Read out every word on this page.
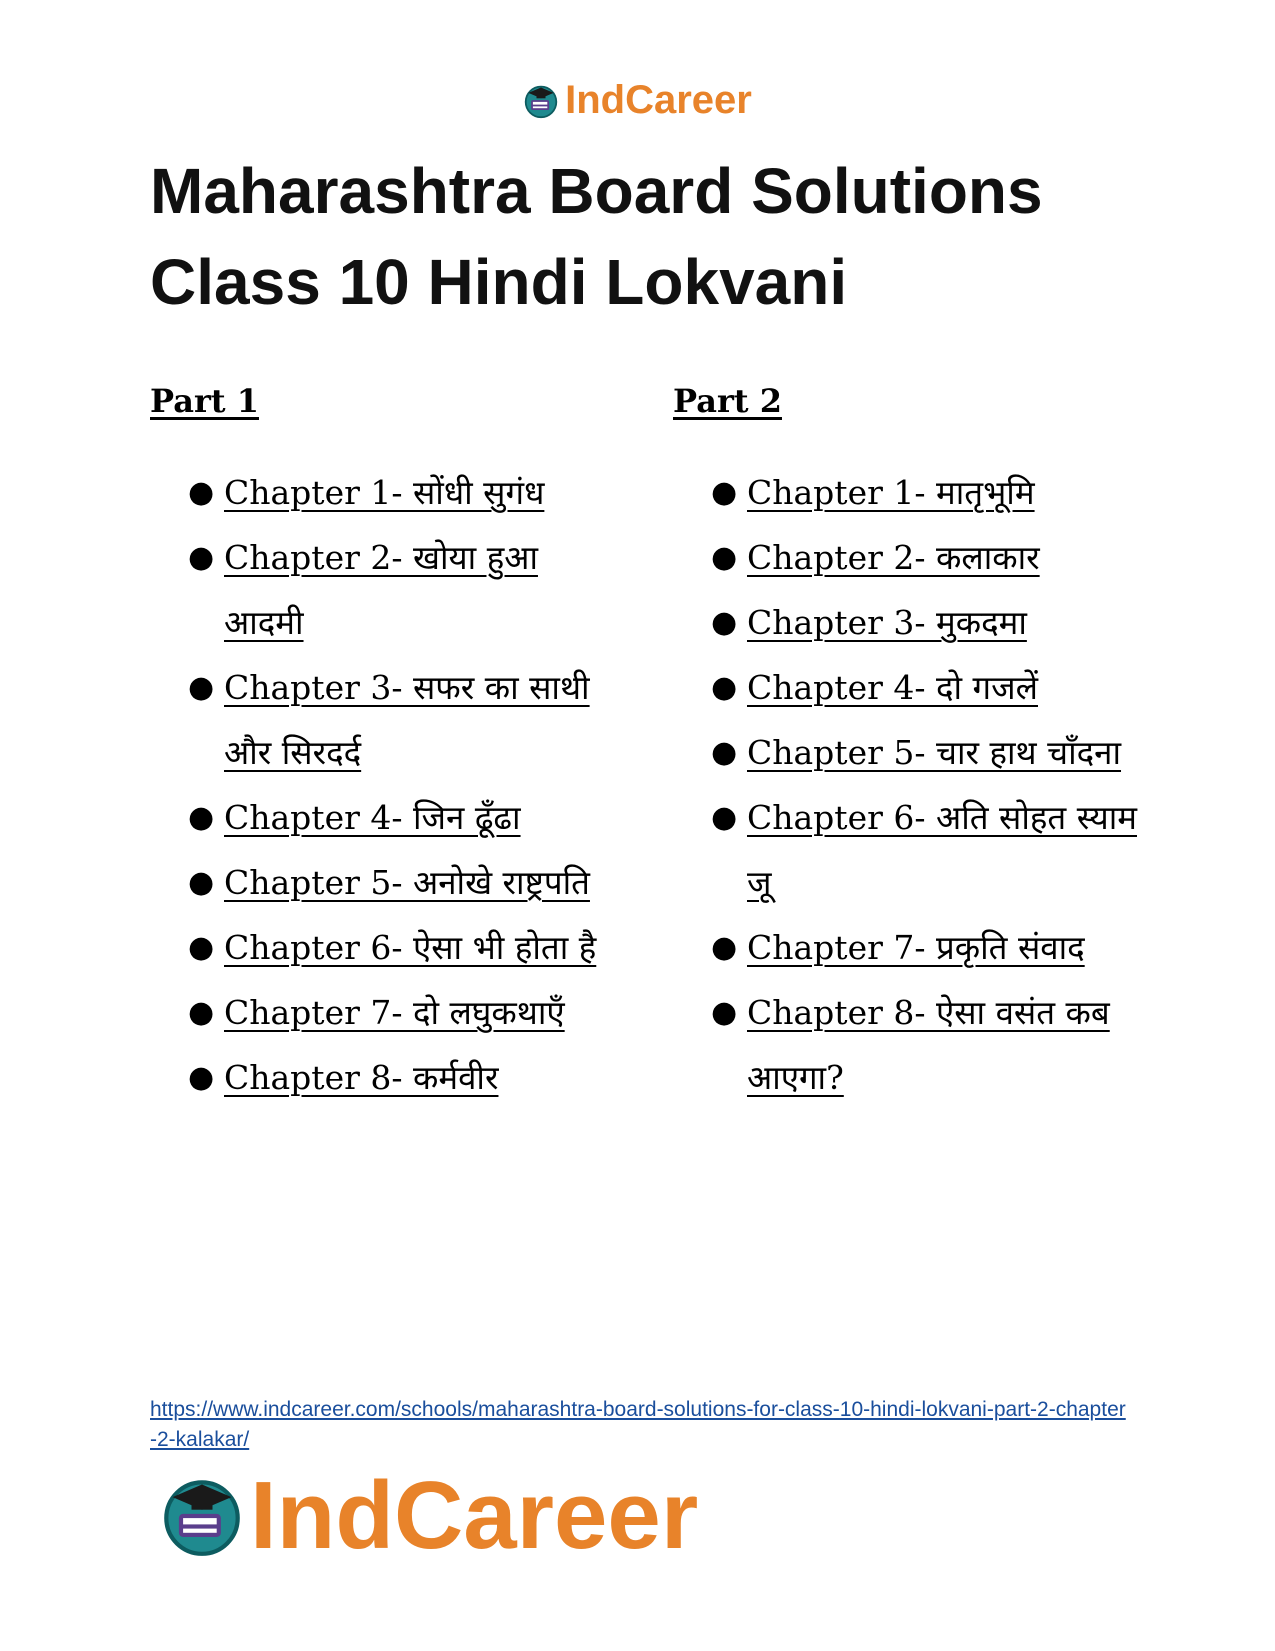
IndCareer
Maharashtra Board Solutions
Class 10 Hindi Lokvani
Part 1
● Chapter 1- सोंधी सुगंध
● Chapter 2- खोया हुआ आदमी
● Chapter 3- सफर का साथी और सिरदर्द
● Chapter 4- जिन ढूँढा
● Chapter 5- अनोखे राष्ट्रपति
● Chapter 6- ऐसा भी होता है
● Chapter 7- दो लघुकथाएँ
● Chapter 8- कर्मवीर
Part 2
● Chapter 1- मातृभूमि
● Chapter 2- कलाकार
● Chapter 3- मुकदमा
● Chapter 4- दो गजलें
● Chapter 5- चार हाथ चाँदना
● Chapter 6- अति सोहत स्याम जू
● Chapter 7- प्रकृति संवाद
● Chapter 8- ऐसा वसंत कब आएगा?
https://www.indcareer.com/schools/maharashtra-board-solutions-for-class-10-hindi-lokvani-part-2-chapter-2-kalakar/
IndCareer
